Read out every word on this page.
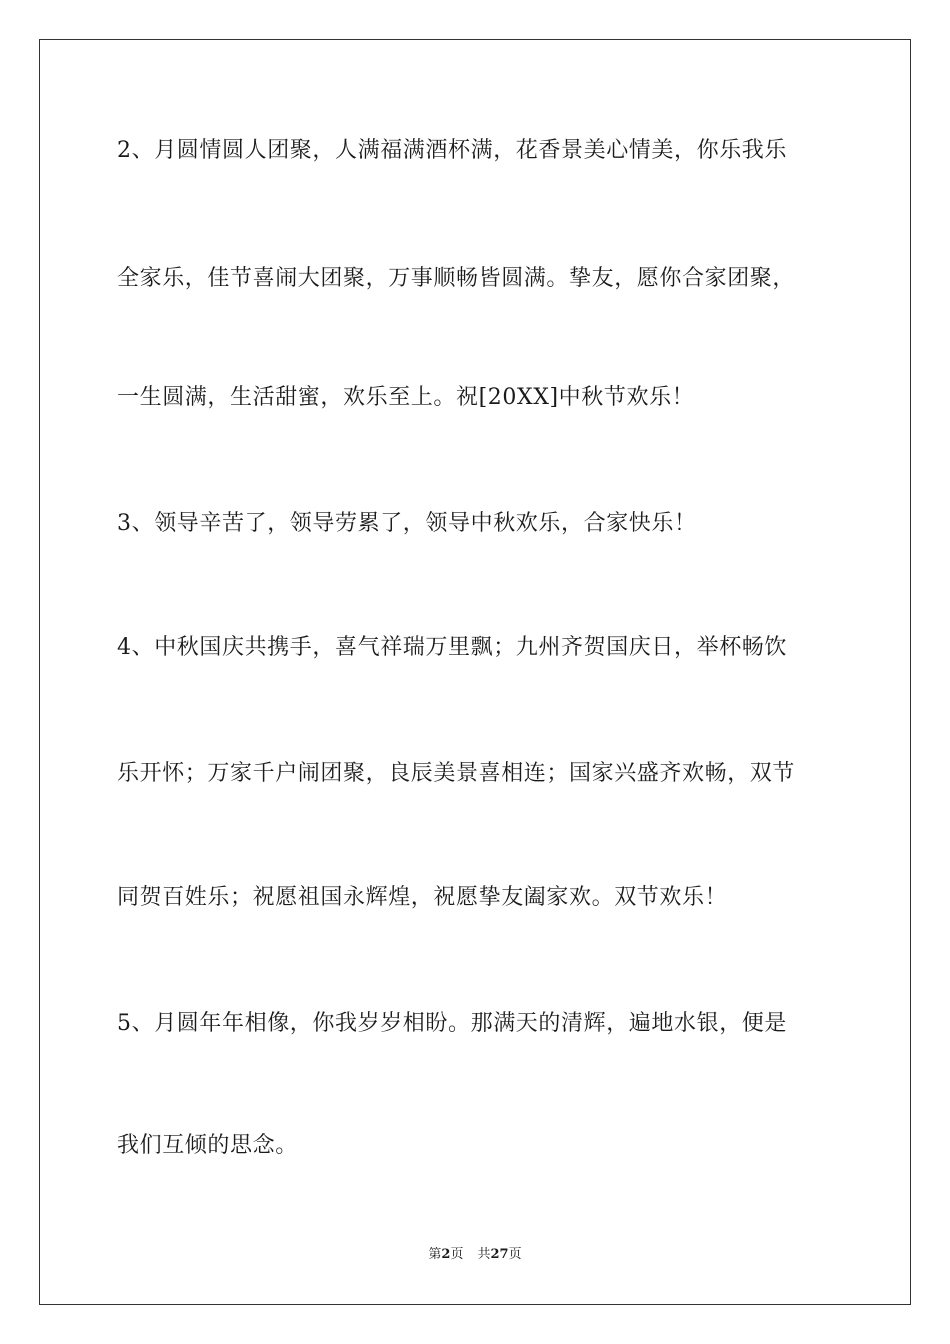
2、月圆情圆人团聚，人满福满酒杯满，花香景美心情美，你乐我乐
全家乐，佳节喜闹大团聚，万事顺畅皆圆满。挚友，愿你合家团聚，
一生圆满，生活甜蜜，欢乐至上。祝[20XX]中秋节欢乐！
3、领导辛苦了，领导劳累了，领导中秋欢乐，合家快乐！
4、中秋国庆共携手，喜气祥瑞万里飘；九州齐贺国庆日，举杯畅饮
乐开怀；万家千户闹团聚，良辰美景喜相连；国家兴盛齐欢畅，双节
同贺百姓乐；祝愿祖国永辉煌，祝愿挚友阖家欢。双节欢乐！
5、月圆年年相像，你我岁岁相盼。那满天的清辉，遍地水银，便是
我们互倾的思念。
第2页 共27页
